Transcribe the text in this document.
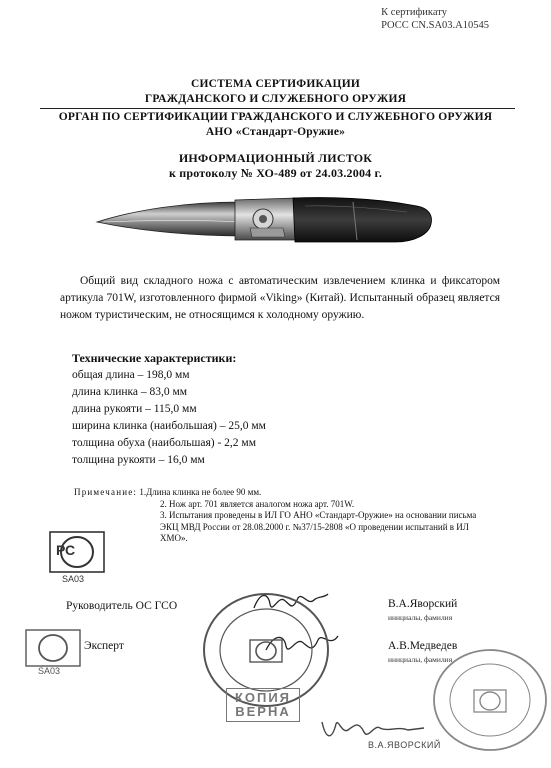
К сертификату
РОСС CN.SA03.A10545
СИСТЕМА СЕРТИФИКАЦИИ
ГРАЖДАНСКОГО И СЛУЖЕБНОГО ОРУЖИЯ
ОРГАН ПО СЕРТИФИКАЦИИ ГРАЖДАНСКОГО И СЛУЖЕБНОГО ОРУЖИЯ
АНО «Стандарт-Оружие»
ИНФОРМАЦИОННЫЙ ЛИСТОК
к протоколу № ХО-489 от 24.03.2004 г.
Общий вид складного ножа с автоматическим извлечением клинка и фиксатором артикула 701W, изготовленного фирмой «Viking» (Китай). Испытанный образец является ножом туристическим, не относящимся к холодному оружию.
Технические характеристики:
общая длина – 198,0 мм
длина клинка – 83,0 мм
длина рукояти – 115,0 мм
ширина клинка (наибольшая) – 25,0 мм
толщина обуха (наибольшая) - 2,2 мм
толщина рукояти – 16,0 мм
Примечание: 1.Длина клинка не более 90 мм.
2. Нож арт. 701 является аналогом ножа арт. 701W.
3. Испытания проведены в ИЛ ГО АНО «Стандарт-Оружие» на основании письма
ЭКЦ МВД России от 28.08.2000 г. №37/15-2808 «О проведении испытаний в ИЛ
ХМО».
РС
SA03
Руководитель ОС ГСО	В.А.Яворский
инициалы, фамилия
Эксперт	А.В.Медведев
инициалы, фамилия
SA03
КОПИЯ
ВЕРНА
В.А.ЯВОРСКИЙ
